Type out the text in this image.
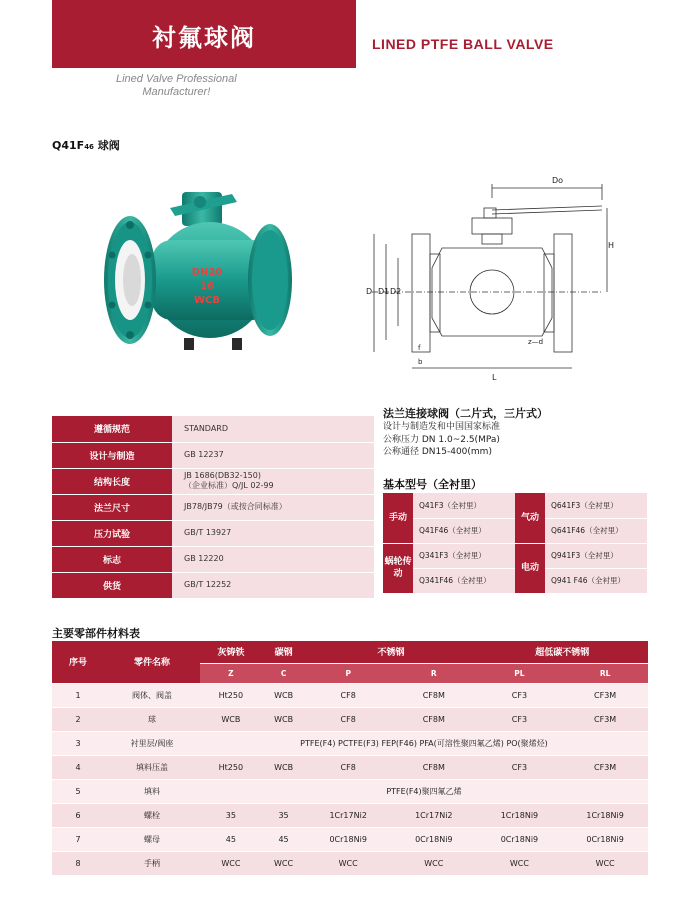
衬氟球阀	LINED PTFE BALL VALVE
Lined Valve Professional
Manufacturer!
Q41F46 球阀
DN20
16
WCB
Do
H
D D1 D2
L
b
f
z—d
遵循规范	STANDARD

设计与制造	GB 12237

结构长度	JB 1686(DB32-150)
（企业标准）Q/JL 02-99

法兰尺寸	JB78/JB79（或按合同标准）

压力试验	GB/T 13927

标志	GB 12220

供货	GB/T 12252
法兰连接球阀（二片式，三片式）
设计与制造发和中国国家标准
公称压力 DN 1.0~2.5(MPa)
公称通径 DN15-400(mm)
基本型号（全衬里）
手动	Q41F3（全衬里）	气动	Q641F3（全衬里）
	Q41F46（全衬里）		Q641F46（全衬里）
蜗轮传动	Q341F3（全衬里）	电动	Q941F3（全衬里）
	Q341F46（全衬里）		Q941 F46（全衬里）
主要零部件材料表
序号	零件名称	灰铸铁	碳钢	不锈钢		超低碳不锈钢	
		Z	C	P	R	PL	RL
1	阀体、阀盖	Ht250	WCB	CF8	CF8M	CF3	CF3M
2	球	WCB	WCB	CF8	CF8M	CF3	CF3M
3	衬里层/阀座	PTFE(F4) PCTFE(F3) FEP(F46) PFA(可溶性聚四氟乙烯) PO(聚烯烃)					
4	填料压盖	Ht250	WCB	CF8	CF8M	CF3	CF3M
5	填料	PTFE(F4)聚四氟乙烯					
6	螺栓	35	35	1Cr17Ni2	1Cr17Ni2	1Cr18Ni9	1Cr18Ni9
7	螺母	45	45	0Cr18Ni9	0Cr18Ni9	0Cr18Ni9	0Cr18Ni9
8	手柄	WCC	WCC	WCC	WCC	WCC	WCC
